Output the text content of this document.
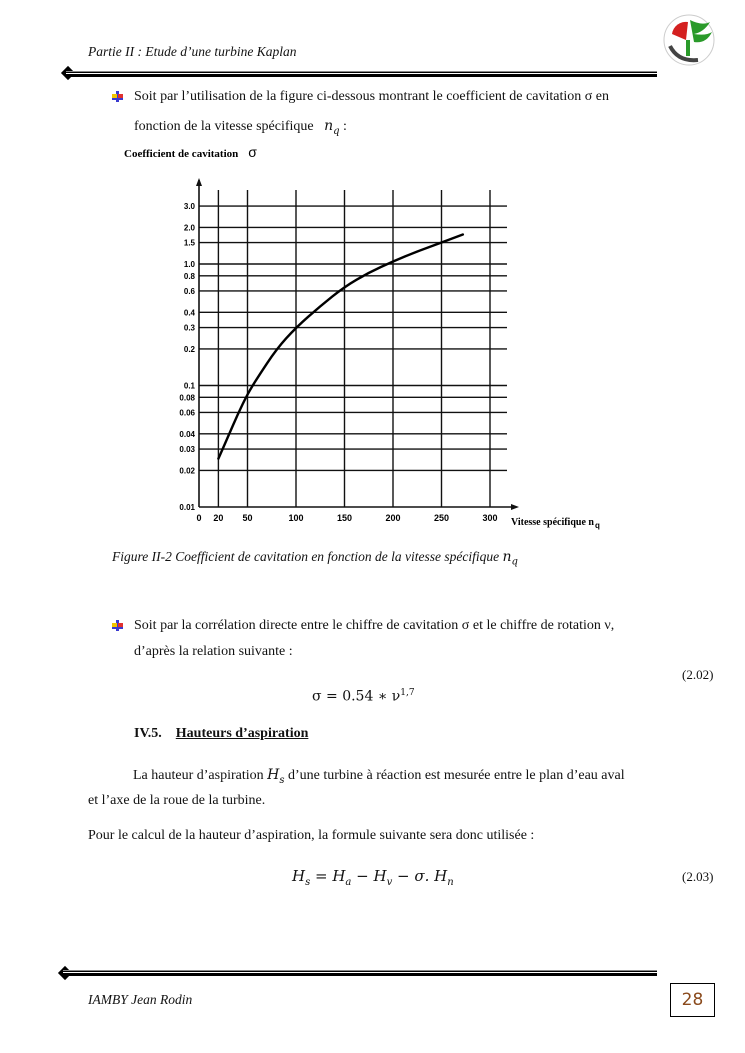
Partie II : Etude d’une turbine Kaplan
Soit par l’utilisation de la figure ci-dessous montrant le coefficient de cavitation σ en
fonction de la vitesse spécifique $n_q$ :
Coefficient de cavitation σ
Vitesse spécifique $n_q$
0.01
0.02
0.03
0.04
0.06
0.08
0.1
0.2
0.3
0.4
0.6
0.8
1.0
1.5
2.0
3.0
0 20 50	100	150	200	250	300
Figure II-2 Coefficient de cavitation en fonction de la vitesse spécifique $n_q$
Soit par la corrélation directe entre le chiffre de cavitation σ et le chiffre de rotation ν,
d’après la relation suivante :
(2.02)
σ = 0.54 ∗ $\nu^{1,7}$
IV.5. Hauteurs d’aspiration
La hauteur d’aspiration $H_s$ d’une turbine à réaction est mesurée entre le plan d’eau aval
et l’axe de la roue de la turbine.
Pour le calcul de la hauteur d’aspiration, la formule suivante sera donc utilisée :
$H_s = H_a - H_v - \sigma$. $H_n$	(2.03)
IAMBY Jean Rodin	28
